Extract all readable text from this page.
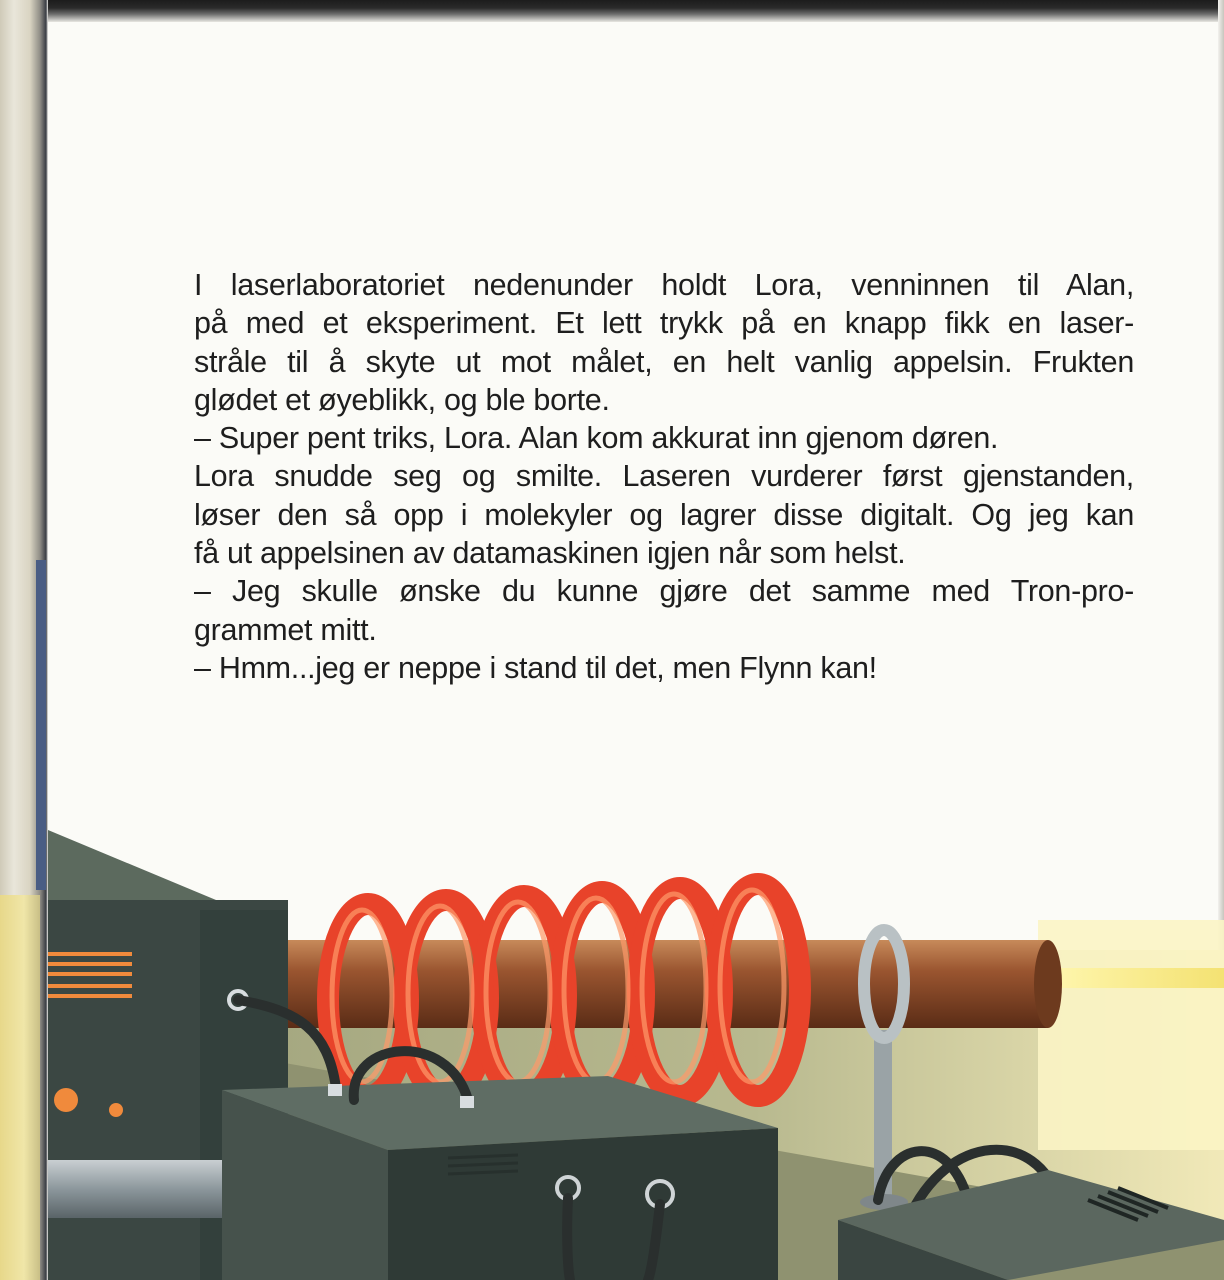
I laserlaboratoriet nedenunder holdt Lora, venninnen til Alan,
på med et eksperiment. Et lett trykk på en knapp fikk en laser-
stråle til å skyte ut mot målet, en helt vanlig appelsin. Frukten
glødet et øyeblikk, og ble borte.
– Super pent triks, Lora. Alan kom akkurat inn gjenom døren.
Lora snudde seg og smilte. Laseren vurderer først gjenstanden,
løser den så opp i molekyler og lagrer disse digitalt. Og jeg kan
få ut appelsinen av datamaskinen igjen når som helst.
– Jeg skulle ønske du kunne gjøre det samme med Tron-pro-
grammet mitt.
– Hmm...jeg er neppe i stand til det, men Flynn kan!
